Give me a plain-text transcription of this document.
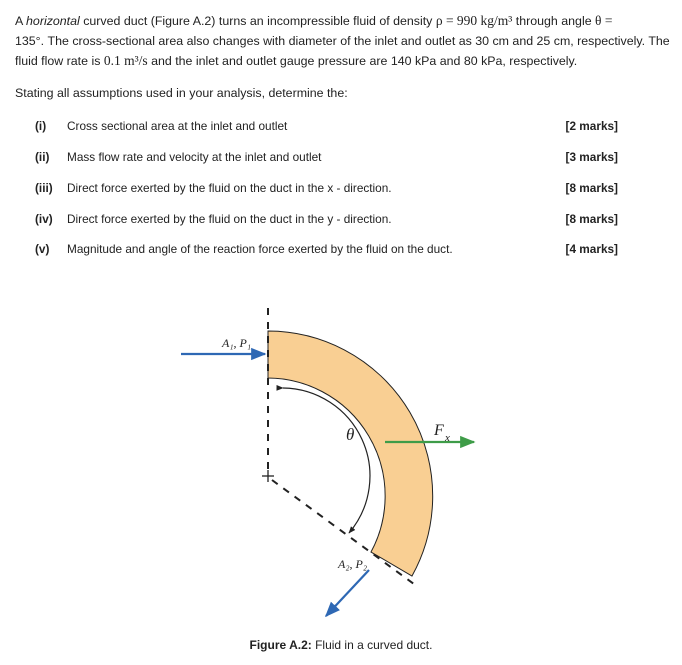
A horizontal curved duct (Figure A.2) turns an incompressible fluid of density ρ = 990 kg/m³ through angle θ =
135°. The cross-sectional area also changes with diameter of the inlet and outlet as 30 cm and 25 cm, respectively. The fluid flow rate is 0.1 m³/s and the inlet and outlet gauge pressure are 140 kPa and 80 kPa, respectively.
Stating all assumptions used in your analysis, determine the:
(i) Cross sectional area at the inlet and outlet	[2 marks]
(ii) Mass flow rate and velocity at the inlet and outlet	[3 marks]
(iii) Direct force exerted by the fluid on the duct in the x - direction.	[8 marks]
(iv) Direct force exerted by the fluid on the duct in the y - direction.	[8 marks]
(v) Magnitude and angle of the reaction force exerted by the fluid on the duct.	[4 marks]
A₁, P₁
A₂, P₂
θ	F x
Figure A.2: Fluid in a curved duct.
